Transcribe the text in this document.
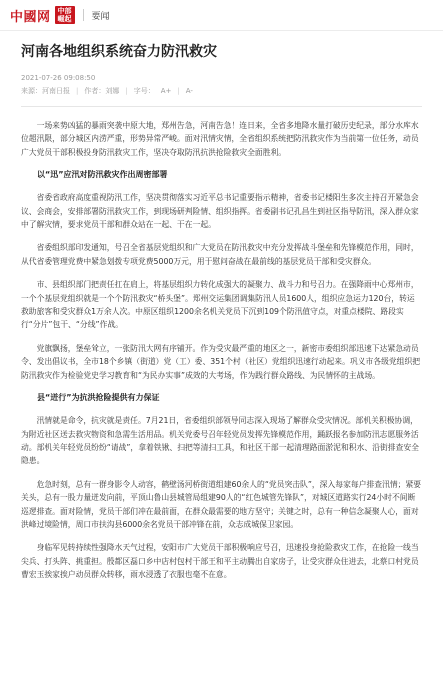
中國网	中部崛起	要闻
河南各地组织系统奋力防汛救灾
2021-07-26 09:08:50
来源：河南日报 | 作者：刘娜 | 字号： A+ | A-

一场来势凶猛的暴雨突袭中原大地，郑州告急，河南告急！连日来，全省多地降水量打破历史纪录，部分水库水位超汛限，部分城区内涝严重，形势异常严峻。面对汛情灾情，全省组织系统把防汛救灾作为当前第一位任务，动员广大党员干部积极投身防汛救灾工作，坚决夺取防汛抗洪抢险救灾全面胜利。

以“迅”应汛对防汛救灾作出周密部署

省委省政府高度重视防汛工作，坚决贯彻落实习近平总书记重要指示精神，省委书记楼阳生多次主持召开紧急会议、会商会，安排部署防汛救灾工作，到现场研判险情、组织指挥。省委副书记孔昌生到社区指导防汛，深入群众家中了解灾情，要求党员干部和群众站在一起、干在一起。

省委组织部印发通知，号召全省基层党组织和广大党员在防汛救灾中充分发挥战斗堡垒和先锋模范作用，同时，从代省委管理党费中紧急划拨专项党费5000万元，用于慰问奋战在最前线的基层党员干部和受灾群众。

市、县组织部门把责任扛在肩上，将基层组织力转化成强大的凝聚力、战斗力和号召力。在强降雨中心郑州市，一个个基层党组织就是一个个防汛救灾“桥头堡”。郑州交运集团调集防汛人员1600人，组织应急运力120台，转运救助旅客和受灾群众1万余人次。中原区组织1200余名机关党员下沉到109个防汛值守点，对重点楼院、路段实行“分片”包干、“分线”作战。

党旗飘扬，堡垒耸立，一张防汛大网有序铺开。作为受灾最严重的地区之一，新密市委组织部迅速下达紧急动员令、发出倡议书，全市18个乡镇（街道）党（工）委、351个村（社区）党组织迅速行动起来。巩义市各级党组织把防汛救灾作为检验党史学习教育和“为民办实事”成效的大考场，作为践行群众路线、为民情怀的主战场。

县“迸行”为抗洪抢险提供有力保证

汛情就是命令，抗灾就是责任。7月21日，省委组织部领导同志深入现场了解群众受灾情况。部机关积极协调，为附近社区送去救灾物资和急需生活用品。机关党委号召年轻党员发挥先锋模范作用，踊跃报名参加防汛志愿服务活动。部机关年轻党员纷纷“请战”，拿着铁锹、扫把等清扫工具，和社区干部一起清理路面淤泥和积水、沿街排查安全隐患。

危急时刻，总有一群身影令人动容，鹤壁汤河桥街道组建60余人的“党员突击队”，深入每家每户排查汛情；紧要关头，总有一股力量迸发向前，平顶山鲁山县城管局组建90人的“红色城管先锋队”，对城区道路实行24小时不间断巡逻排查。面对险情，党员干部们冲在最前面，在群众最需要的地方坚守；关键之时，总有一种信念凝聚人心，面对洪峰过境险情，周口市扶沟县6000余名党员干部冲锋在前，众志成城保卫家园。

身临军见转持续性强降水天气过程，安阳市广大党员干部积极响应号召，迅速投身抢险救灾工作，在抢险一线当尖兵、打头阵、挑重担。殷都区磊口乡中店村包村干部王和平主动腾出自家房子，让受灾群众住进去，北蔡口村党员曹宏玉挨家挨户动员群众转移，雨水浸透了衣服也毫不在意。
